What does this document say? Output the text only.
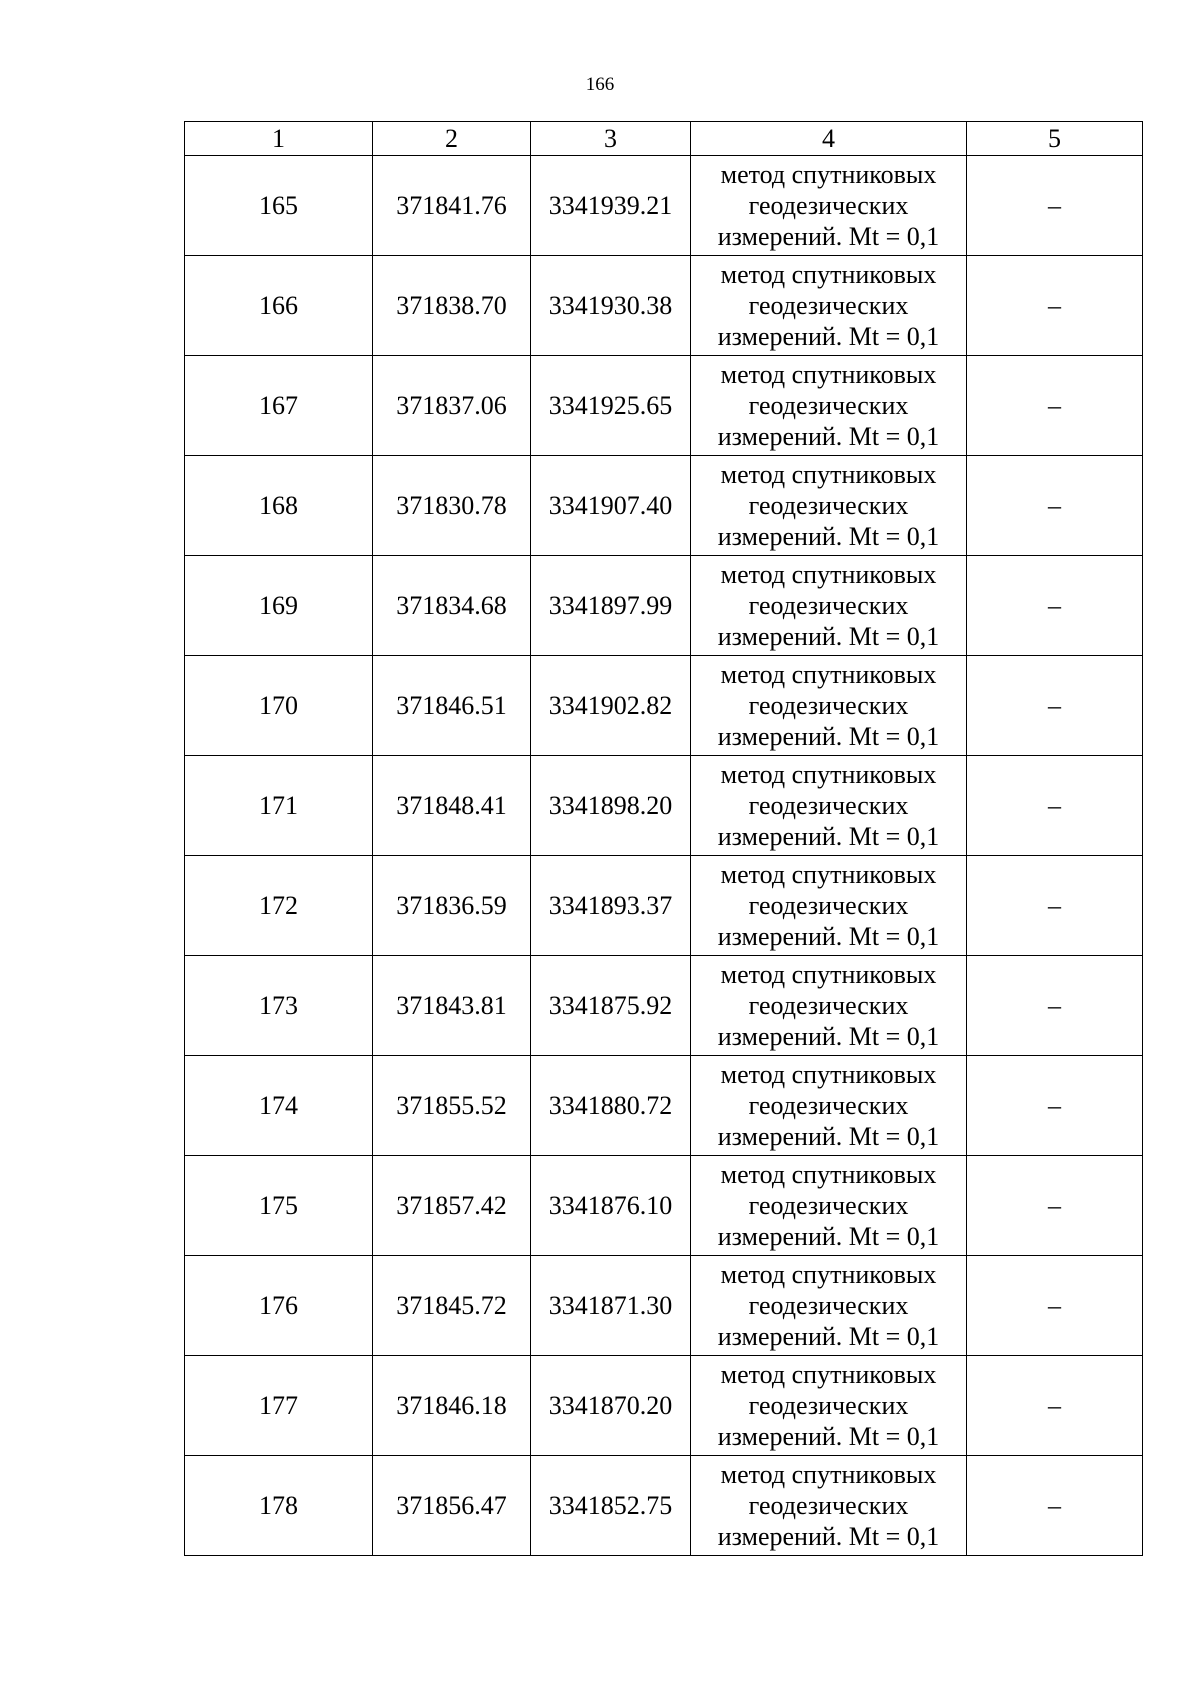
166
1	2	3	4	5
165	371841.76	3341939.21	метод спутниковых
геодезических
измерений. Mt = 0,1	–
166	371838.70	3341930.38	метод спутниковых
геодезических
измерений. Mt = 0,1	–
167	371837.06	3341925.65	метод спутниковых
геодезических
измерений. Mt = 0,1	–
168	371830.78	3341907.40	метод спутниковых
геодезических
измерений. Mt = 0,1	–
169	371834.68	3341897.99	метод спутниковых
геодезических
измерений. Mt = 0,1	–
170	371846.51	3341902.82	метод спутниковых
геодезических
измерений. Mt = 0,1	–
171	371848.41	3341898.20	метод спутниковых
геодезических
измерений. Mt = 0,1	–
172	371836.59	3341893.37	метод спутниковых
геодезических
измерений. Mt = 0,1	–
173	371843.81	3341875.92	метод спутниковых
геодезических
измерений. Mt = 0,1	–
174	371855.52	3341880.72	метод спутниковых
геодезических
измерений. Mt = 0,1	–
175	371857.42	3341876.10	метод спутниковых
геодезических
измерений. Mt = 0,1	–
176	371845.72	3341871.30	метод спутниковых
геодезических
измерений. Mt = 0,1	–
177	371846.18	3341870.20	метод спутниковых
геодезических
измерений. Mt = 0,1	–
178	371856.47	3341852.75	метод спутниковых
геодезических
измерений. Mt = 0,1	–
